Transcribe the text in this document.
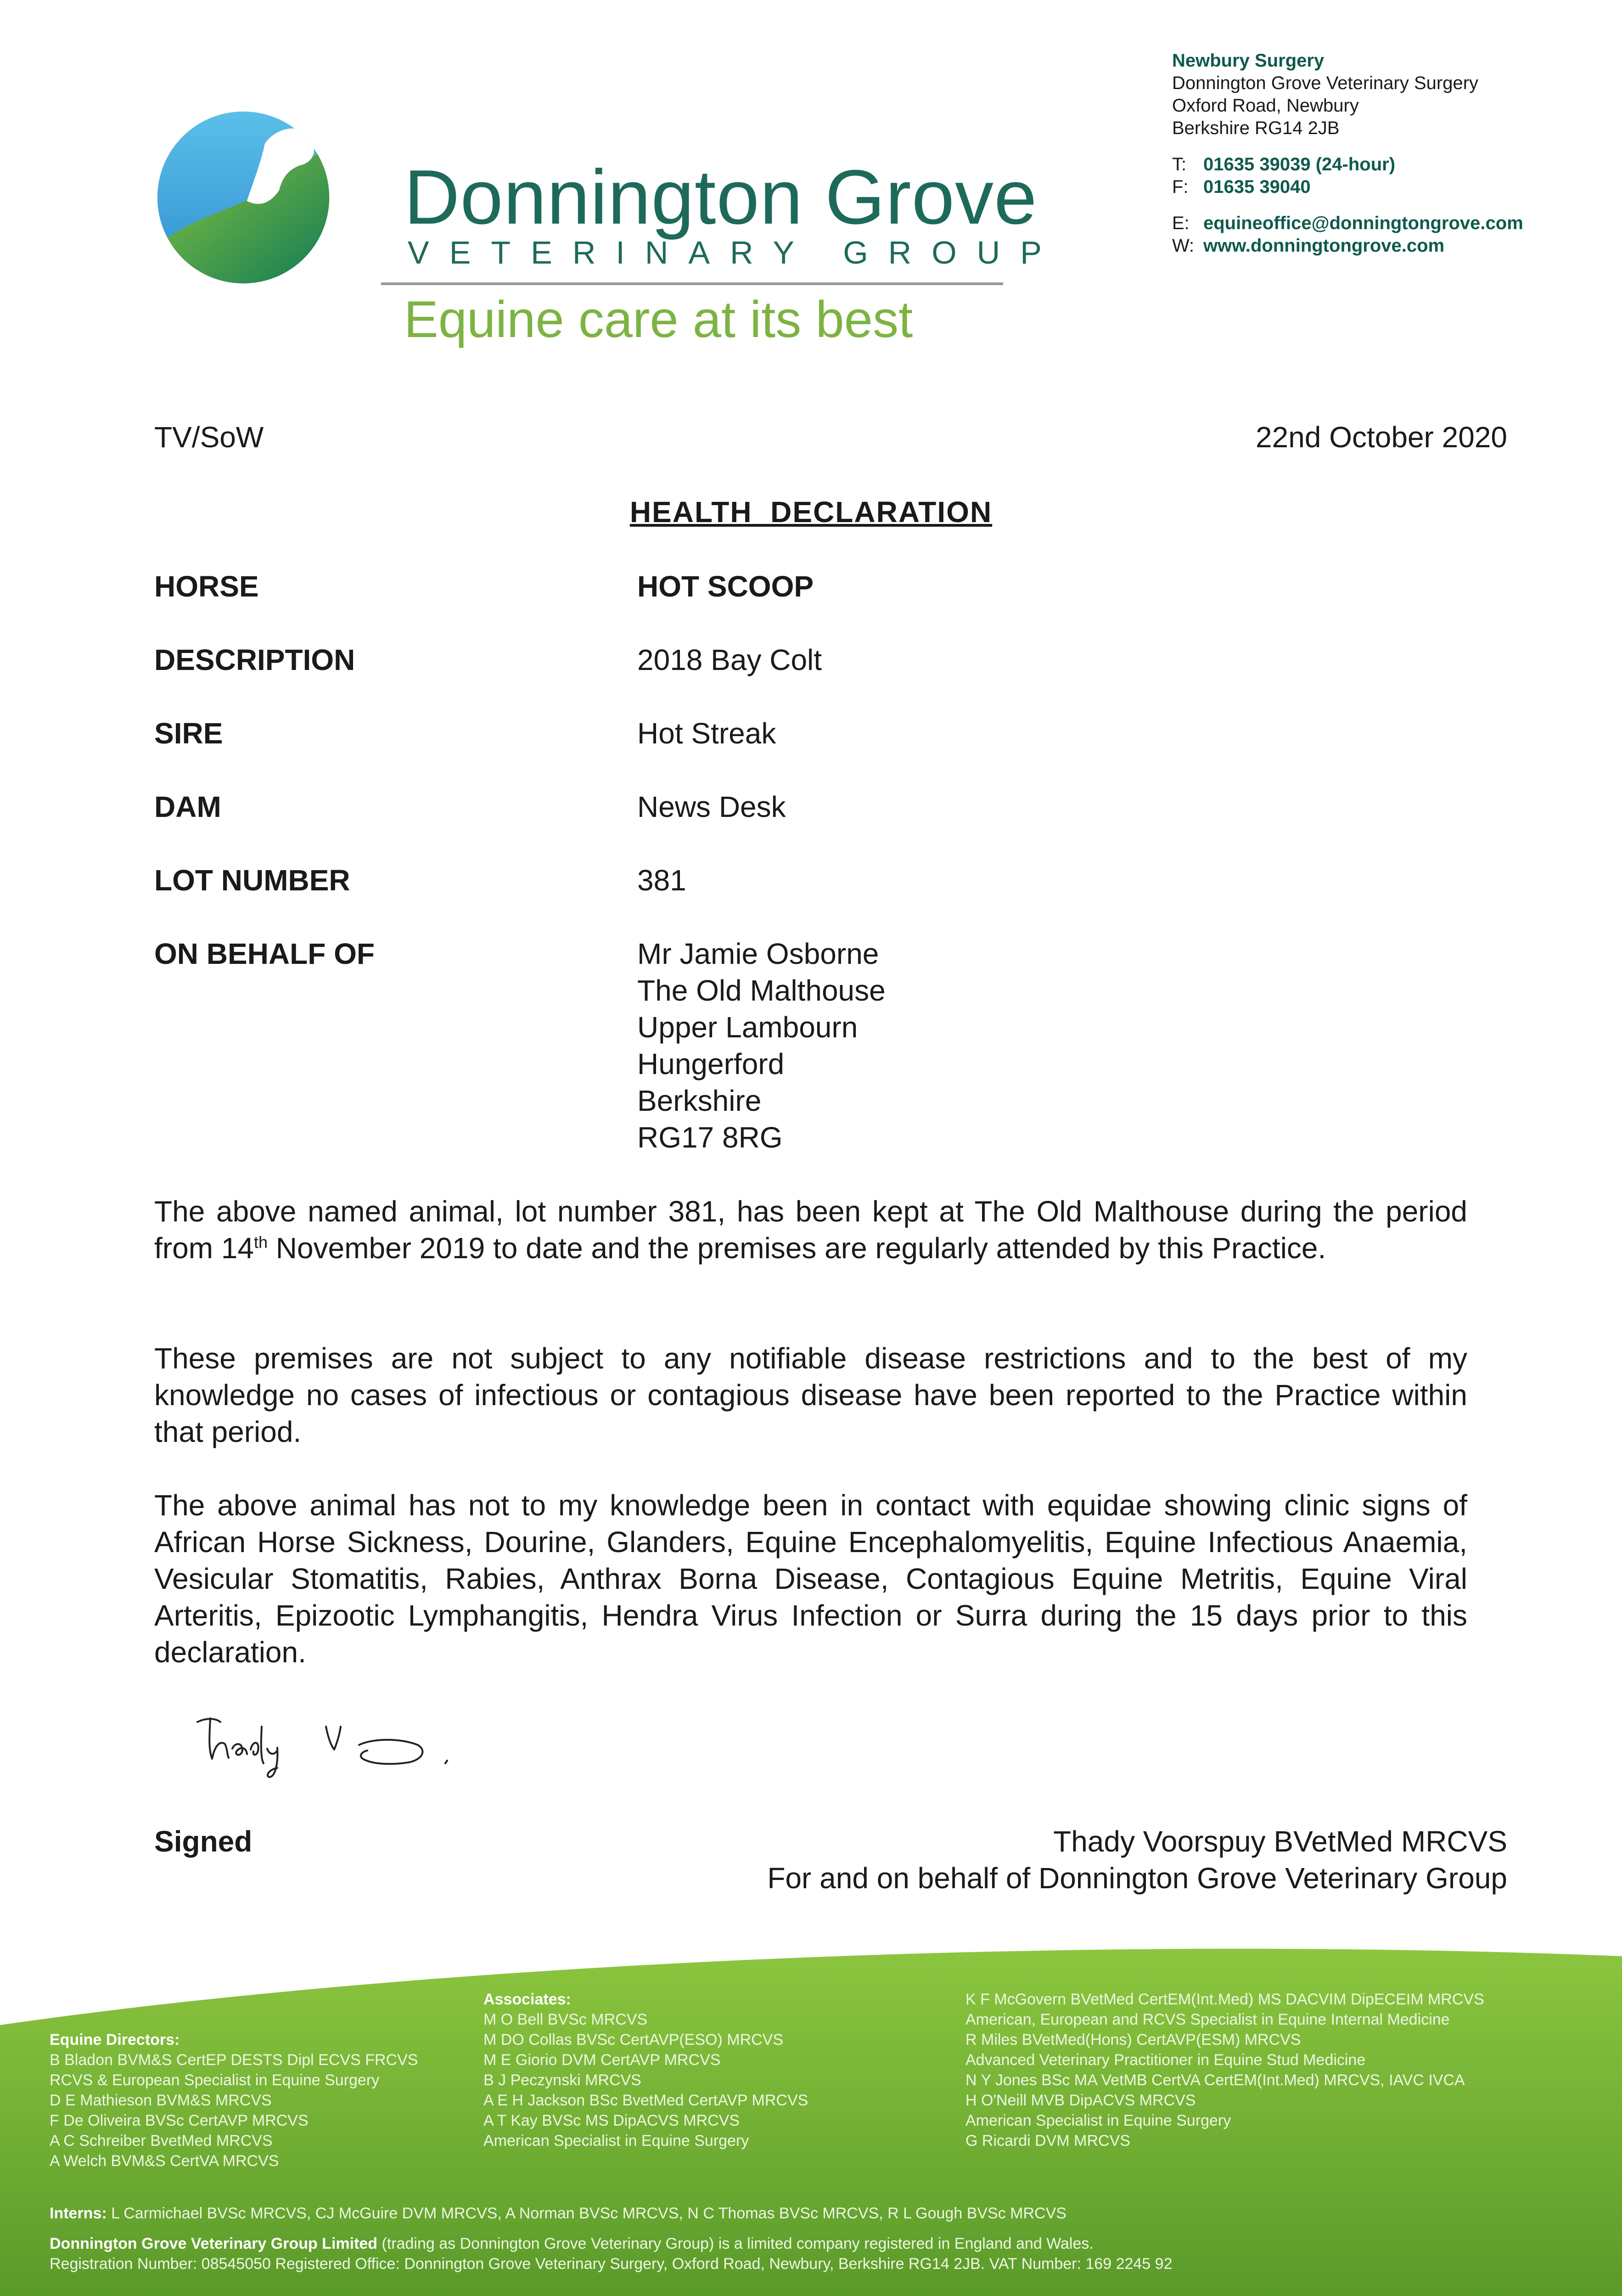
Donnington Grove
VETERINARY GROUP
Equine care at its best
Newbury Surgery
Donnington Grove Veterinary Surgery
Oxford Road, Newbury
Berkshire RG14 2JB
T: 01635 39039 (24-hour)
F: 01635 39040
E: equineoffice@donningtongrove.com
W: www.donningtongrove.com
TV/SoW	22nd October 2020
HEALTH  DECLARATION
HORSE	HOT SCOOP
DESCRIPTION	2018 Bay Colt
SIRE	Hot Streak
DAM	News Desk
LOT NUMBER	381
ON BEHALF OF	Mr Jamie Osborne
The Old Malthouse
Upper Lambourn
Hungerford
Berkshire
RG17 8RG
The above named animal, lot number 381, has been kept at The Old Malthouse during the period from 14th November 2019 to date and the premises are regularly attended by this Practice.
These premises are not subject to any notifiable disease restrictions and to the best of my knowledge no cases of infectious or contagious disease have been reported to the Practice within that period.
The above animal has not to my knowledge been in contact with equidae showing clinic signs of African Horse Sickness, Dourine, Glanders, Equine Encephalomyelitis, Equine Infectious Anaemia, Vesicular Stomatitis, Rabies, Anthrax Borna Disease, Contagious Equine Metritis, Equine Viral Arteritis, Epizootic Lymphangitis, Hendra Virus Infection or Surra during the 15 days prior to this declaration.
Signed	Thady Voorspuy BVetMed MRCVS
For and on behalf of Donnington Grove Veterinary Group
Equine Directors:
B Bladon BVM&S CertEP DESTS Dipl ECVS FRCVS
RCVS & European Specialist in Equine Surgery
D E Mathieson BVM&S MRCVS
F De Oliveira BVSc CertAVP MRCVS
A C Schreiber BvetMed MRCVS
A Welch BVM&S CertVA MRCVS
Associates:
M O Bell BVSc MRCVS
M DO Collas BVSc CertAVP(ESO) MRCVS
M E Giorio DVM CertAVP MRCVS
B J Peczynski MRCVS
A E H Jackson BSc BvetMed CertAVP MRCVS
A T Kay BVSc MS DipACVS MRCVS
American Specialist in Equine Surgery
K F McGovern BVetMed CertEM(Int.Med) MS DACVIM DipECEIM MRCVS
American, European and RCVS Specialist in Equine Internal Medicine
R Miles BVetMed(Hons) CertAVP(ESM) MRCVS
Advanced Veterinary Practitioner in Equine Stud Medicine
N Y Jones BSc MA VetMB CertVA CertEM(Int.Med) MRCVS, IAVC IVCA
H O'Neill MVB DipACVS MRCVS
American Specialist in Equine Surgery
G Ricardi DVM MRCVS
Interns: L Carmichael BVSc MRCVS, CJ McGuire DVM MRCVS, A Norman BVSc MRCVS, N C Thomas BVSc MRCVS, R L Gough BVSc MRCVS
Donnington Grove Veterinary Group Limited (trading as Donnington Grove Veterinary Group) is a limited company registered in England and Wales.
Registration Number: 08545050 Registered Office: Donnington Grove Veterinary Surgery, Oxford Road, Newbury, Berkshire RG14 2JB. VAT Number: 169 2245 92
